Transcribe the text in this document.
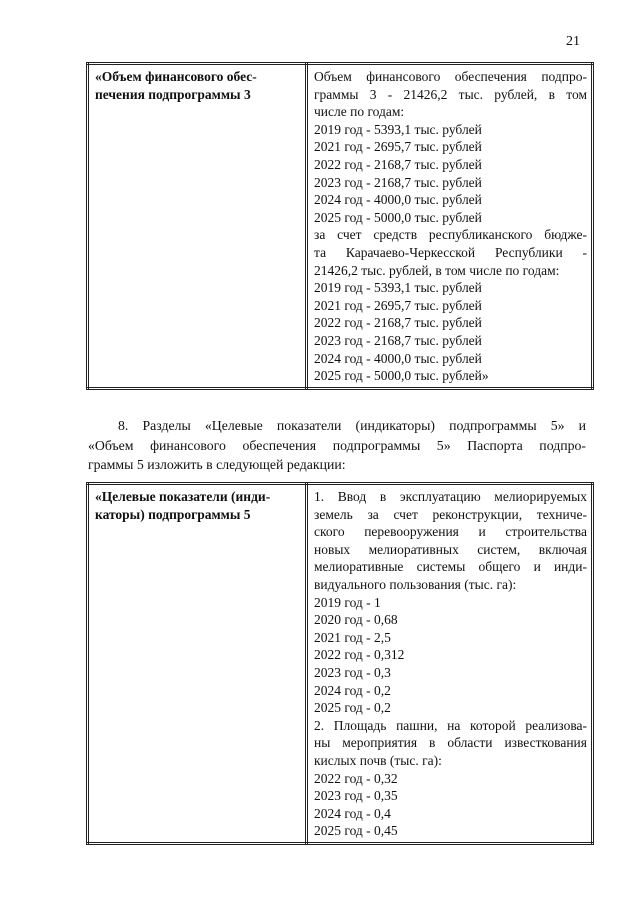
21
«Объем финансового обес-
печения подпрограммы 3

Объем финансового обеспечения подпро-
граммы 3 - 21426,2 тыс. рублей, в том
числе по годам:
2019 год - 5393,1 тыс. рублей
2021 год - 2695,7 тыс. рублей
2022 год - 2168,7 тыс. рублей
2023 год - 2168,7 тыс. рублей
2024 год - 4000,0 тыс. рублей
2025 год - 5000,0 тыс. рублей
за счет средств республиканского бюдже-
та Карачаево-Черкесской Республики -
21426,2 тыс. рублей, в том числе по годам:
2019 год - 5393,1 тыс. рублей
2021 год - 2695,7 тыс. рублей
2022 год - 2168,7 тыс. рублей
2023 год - 2168,7 тыс. рублей
2024 год - 4000,0 тыс. рублей
2025 год - 5000,0 тыс. рублей»
8. Разделы «Целевые показатели (индикаторы) подпрограммы 5» и
«Объем финансового обеспечения подпрограммы 5» Паспорта подпро-
граммы 5 изложить в следующей редакции:
«Целевые показатели (инди-
каторы) подпрограммы 5

1. Ввод в эксплуатацию мелиорируемых
земель за счет реконструкции, техниче-
ского перевооружения и строительства
новых мелиоративных систем, включая
мелиоративные системы общего и инди-
видуального пользования (тыс. га):
2019 год - 1
2020 год - 0,68
2021 год - 2,5
2022 год - 0,312
2023 год - 0,3
2024 год - 0,2
2025 год - 0,2
2. Площадь пашни, на которой реализова-
ны мероприятия в области известкования
кислых почв (тыс. га):
2022 год - 0,32
2023 год - 0,35
2024 год - 0,4
2025 год - 0,45
